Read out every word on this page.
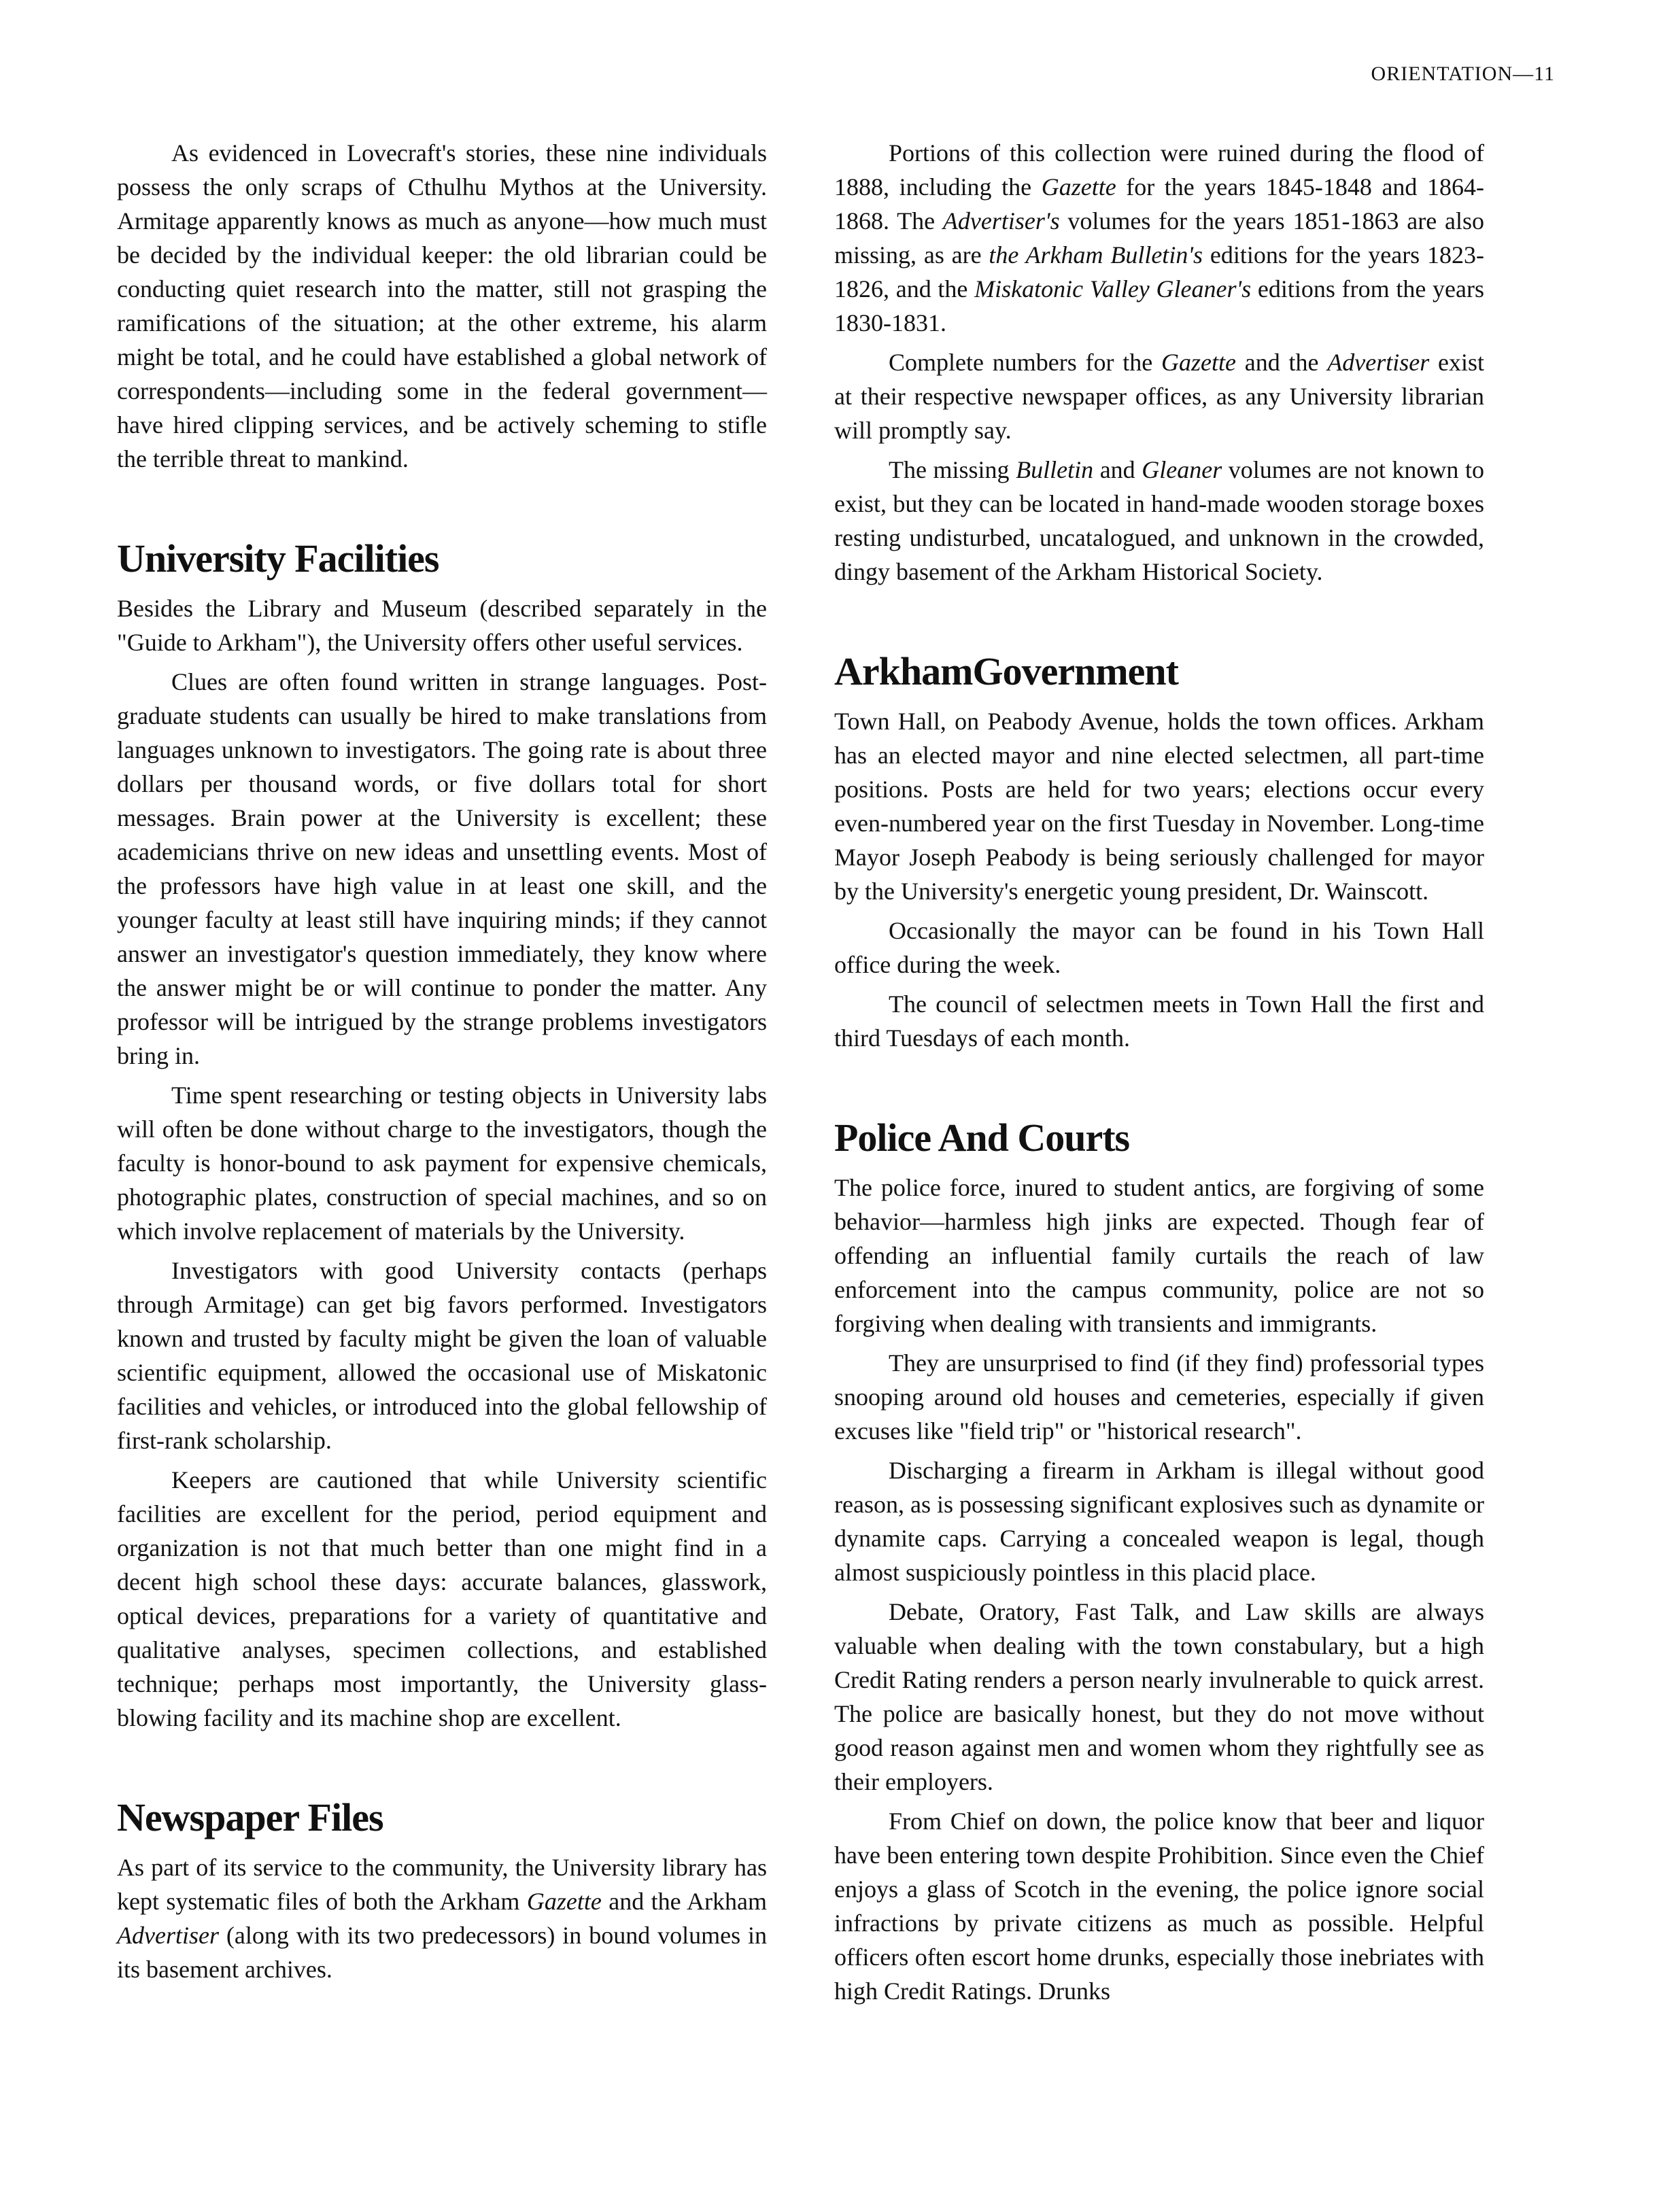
ORIENTATION—11

As evidenced in Lovecraft's stories, these nine individuals possess the only scraps of Cthulhu Mythos at the University. Armitage apparently knows as much as anyone—how much must be decided by the individual keeper: the old librarian could be conducting quiet research into the matter, still not grasping the ramifications of the situation; at the other extreme, his alarm might be total, and he could have established a global network of correspondents—including some in the federal government—have hired clipping services, and be actively scheming to stifle the terrible threat to mankind.

University Facilities

Besides the Library and Museum (described separately in the "Guide to Arkham"), the University offers other useful services.

Clues are often found written in strange languages. Post-graduate students can usually be hired to make translations from languages unknown to investigators. The going rate is about three dollars per thousand words, or five dollars total for short messages. Brain power at the University is excellent; these academicians thrive on new ideas and unsettling events. Most of the professors have high value in at least one skill, and the younger faculty at least still have inquiring minds; if they cannot answer an investigator's question immediately, they know where the answer might be or will continue to ponder the matter. Any professor will be intrigued by the strange problems investigators bring in.

Time spent researching or testing objects in University labs will often be done without charge to the investigators, though the faculty is honor-bound to ask payment for expensive chemicals, photographic plates, construction of special machines, and so on which involve replacement of materials by the University.

Investigators with good University contacts (perhaps through Armitage) can get big favors performed. Investigators known and trusted by faculty might be given the loan of valuable scientific equipment, allowed the occasional use of Miskatonic facilities and vehicles, or introduced into the global fellowship of first-rank scholarship.

Keepers are cautioned that while University scientific facilities are excellent for the period, period equipment and organization is not that much better than one might find in a decent high school these days: accurate balances, glasswork, optical devices, preparations for a variety of quantitative and qualitative analyses, specimen collections, and established technique; perhaps most importantly, the University glass-blowing facility and its machine shop are excellent.

Newspaper Files

As part of its service to the community, the University library has kept systematic files of both the Arkham Gazette and the Arkham Advertiser (along with its two predecessors) in bound volumes in its basement archives.

Portions of this collection were ruined during the flood of 1888, including the Gazette for the years 1845-1848 and 1864-1868. The Advertiser's volumes for the years 1851-1863 are also missing, as are the Arkham Bulletin's editions for the years 1823-1826, and the Miskatonic Valley Gleaner's editions from the years 1830-1831.

Complete numbers for the Gazette and the Advertiser exist at their respective newspaper offices, as any University librarian will promptly say.

The missing Bulletin and Gleaner volumes are not known to exist, but they can be located in hand-made wooden storage boxes resting undisturbed, uncatalogued, and unknown in the crowded, dingy basement of the Arkham Historical Society.

ArkhamGovernment

Town Hall, on Peabody Avenue, holds the town offices. Arkham has an elected mayor and nine elected selectmen, all part-time positions. Posts are held for two years; elections occur every even-numbered year on the first Tuesday in November. Long-time Mayor Joseph Peabody is being seriously challenged for mayor by the University's energetic young president, Dr. Wainscott.

Occasionally the mayor can be found in his Town Hall office during the week.

The council of selectmen meets in Town Hall the first and third Tuesdays of each month.

Police And Courts

The police force, inured to student antics, are forgiving of some behavior—harmless high jinks are expected. Though fear of offending an influential family curtails the reach of law enforcement into the campus community, police are not so forgiving when dealing with transients and immigrants.

They are unsurprised to find (if they find) professorial types snooping around old houses and cemeteries, especially if given excuses like "field trip" or "historical research".

Discharging a firearm in Arkham is illegal without good reason, as is possessing significant explosives such as dynamite or dynamite caps. Carrying a concealed weapon is legal, though almost suspiciously pointless in this placid place.

Debate, Oratory, Fast Talk, and Law skills are always valuable when dealing with the town constabulary, but a high Credit Rating renders a person nearly invulnerable to quick arrest. The police are basically honest, but they do not move without good reason against men and women whom they rightfully see as their employers.

From Chief on down, the police know that beer and liquor have been entering town despite Prohibition. Since even the Chief enjoys a glass of Scotch in the evening, the police ignore social infractions by private citizens as much as possible. Helpful officers often escort home drunks, especially those inebriates with high Credit Ratings. Drunks
